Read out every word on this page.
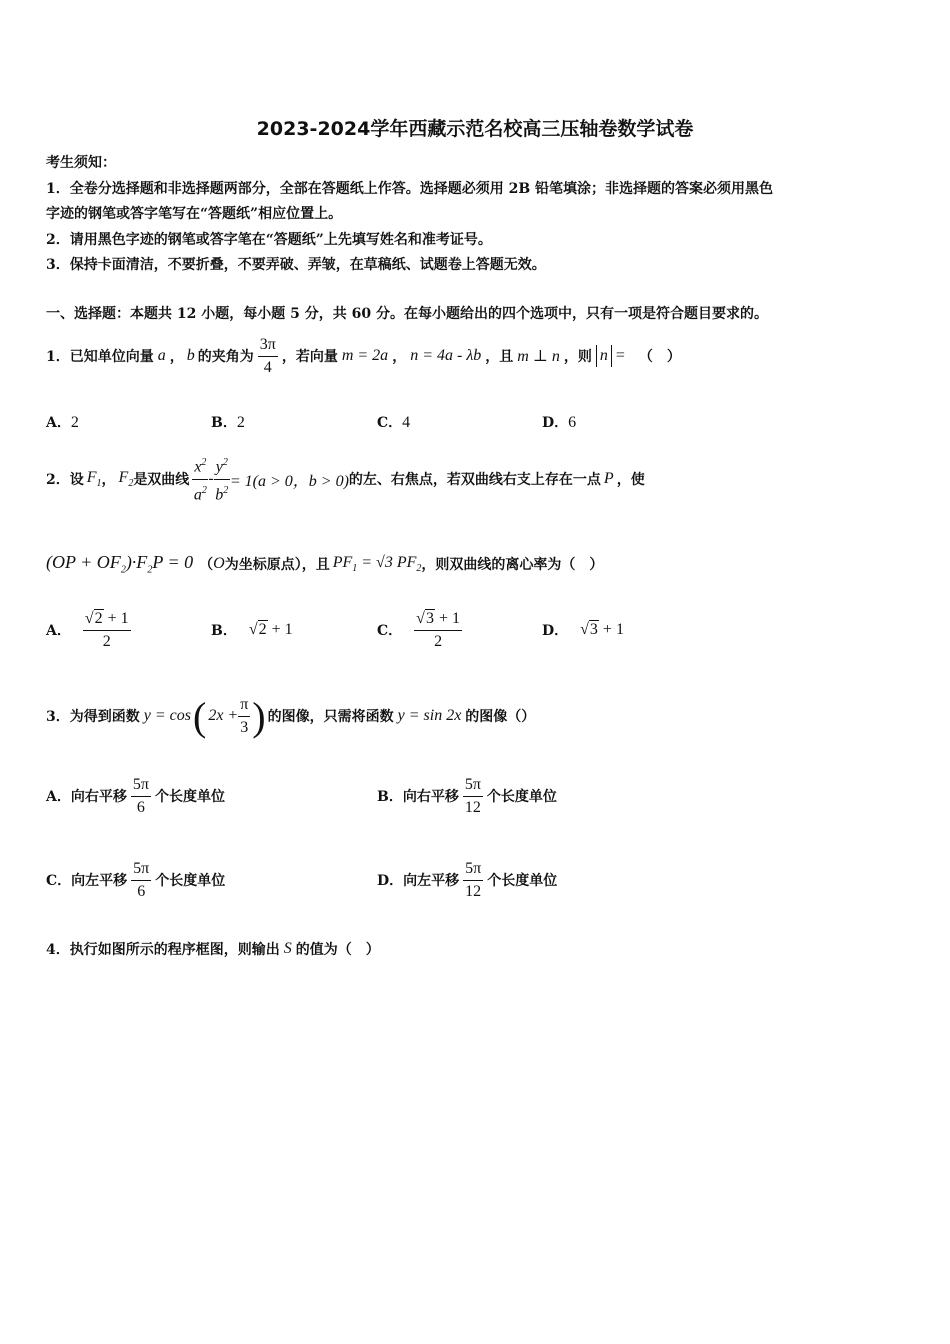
2023-2024学年西藏示范名校高三压轴卷数学试卷
考生须知：
1．全卷分选择题和非选择题两部分，全部在答题纸上作答。选择题必须用 2B 铅笔填涂；非选择题的答案必须用黑色
字迹的钢笔或答字笔写在“答题纸”相应位置上。
2．请用黑色字迹的钢笔或答字笔在“答题纸”上先填写姓名和准考证号。
3．保持卡面清洁，不要折叠，不要弄破、弄皱，在草稿纸、试题卷上答题无效。
一、选择题：本题共 12 小题，每小题 5 分，共 60 分。在每小题给出的四个选项中，只有一项是符合题目要求的。
1．已知单位向量 a ， b 的夹角为 $\frac{3\pi}{4}$ ，若向量 m = 2a ， n = 4a - λb ，且 m ⊥ n ，则 n = （　）
A．2	B．2	C．4	D．6
2．设 $F_1$ ， $F_2$ 是双曲线 $\frac{x^2}{a^2} - \frac{y^2}{b^2} = 1(a > 0$，b > 0) 的左、右焦点，若双曲线右支上存在一点 P ，使
$(OP + OF_2)\cdot F_2P = 0$ （ O 为坐标原点），且 $PF_1 = √3$ $PF_2$ ，则双曲线的离心率为（　）
A． $\frac{√2 + 1}{2}$	B． √2 + 1	C． $\frac{√3 + 1}{2}$	D． √3 + 1
3．为得到函数 y = cos ( $2x + \frac{\pi}{3}$ ) 的图像，只需将函数 y = sin 2x 的图像（）
A． 向右平移 $\frac{5\pi}{6}$ 个长度单位	B． 向右平移 $\frac{5\pi}{12}$ 个长度单位
C． 向左平移 $\frac{5\pi}{6}$ 个长度单位	D． 向左平移 $\frac{5\pi}{12}$ 个长度单位
4．执行如图所示的程序框图，则输出 S 的值为（　）
